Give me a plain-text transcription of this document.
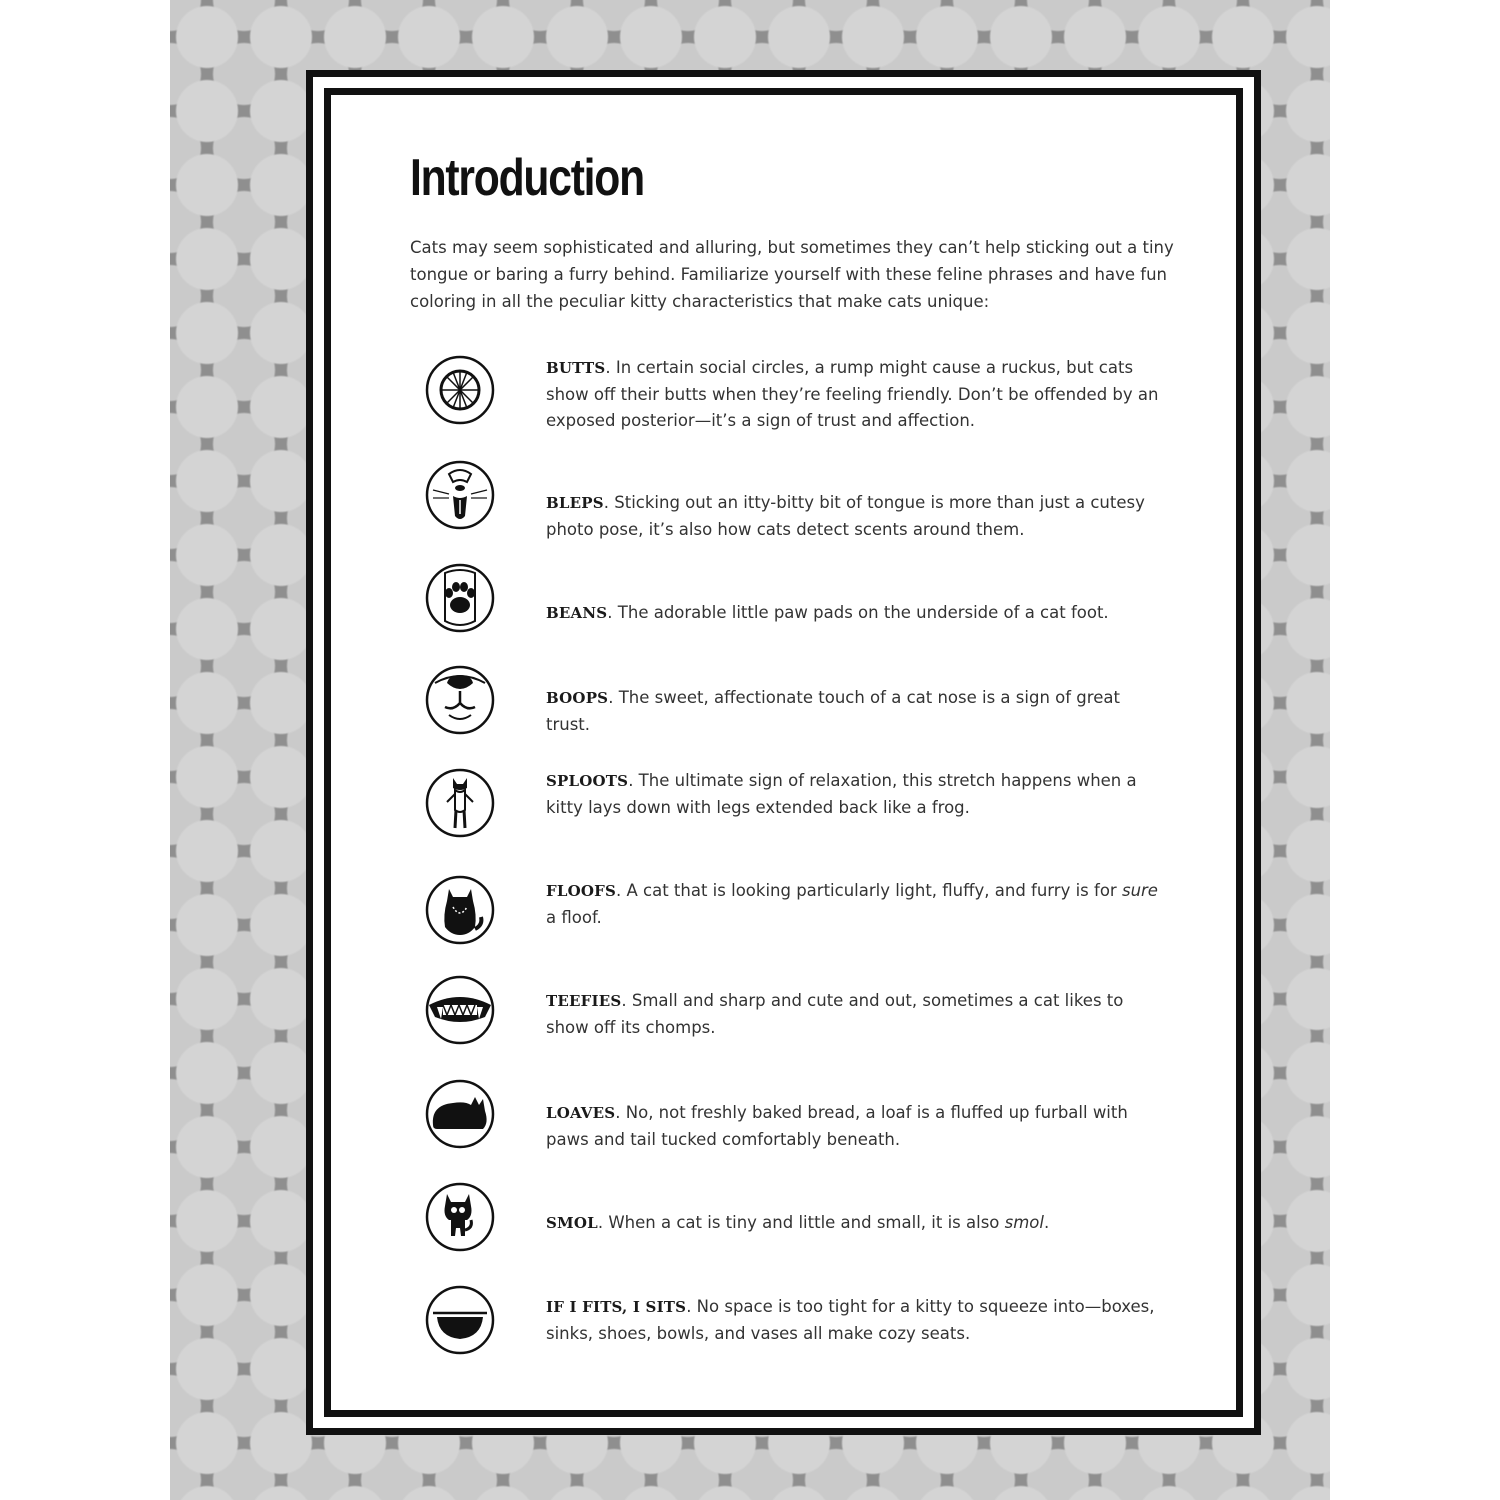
Introduction

Cats may seem sophisticated and alluring, but sometimes they can’t help sticking out a tiny tongue or baring a furry behind. Familiarize yourself with these feline phrases and have fun coloring in all the peculiar kitty characteristics that make cats unique:

BUTTS. In certain social circles, a rump might cause a ruckus, but cats show off their butts when they’re feeling friendly. Don’t be offended by an exposed posterior—it’s a sign of trust and affection.

BLEPS. Sticking out an itty-bitty bit of tongue is more than just a cutesy photo pose, it’s also how cats detect scents around them.

BEANS. The adorable little paw pads on the underside of a cat foot.

BOOPS. The sweet, affectionate touch of a cat nose is a sign of great trust.

SPLOOTS. The ultimate sign of relaxation, this stretch happens when a kitty lays down with legs extended back like a frog.

FLOOFS. A cat that is looking particularly light, fluffy, and furry is for sure a floof.

TEEFIES. Small and sharp and cute and out, sometimes a cat likes to show off its chomps.

LOAVES. No, not freshly baked bread, a loaf is a fluffed up furball with paws and tail tucked comfortably beneath.

SMOL. When a cat is tiny and little and small, it is also smol.

IF I FITS, I SITS. No space is too tight for a kitty to squeeze into—boxes, sinks, shoes, bowls, and vases all make cozy seats.
